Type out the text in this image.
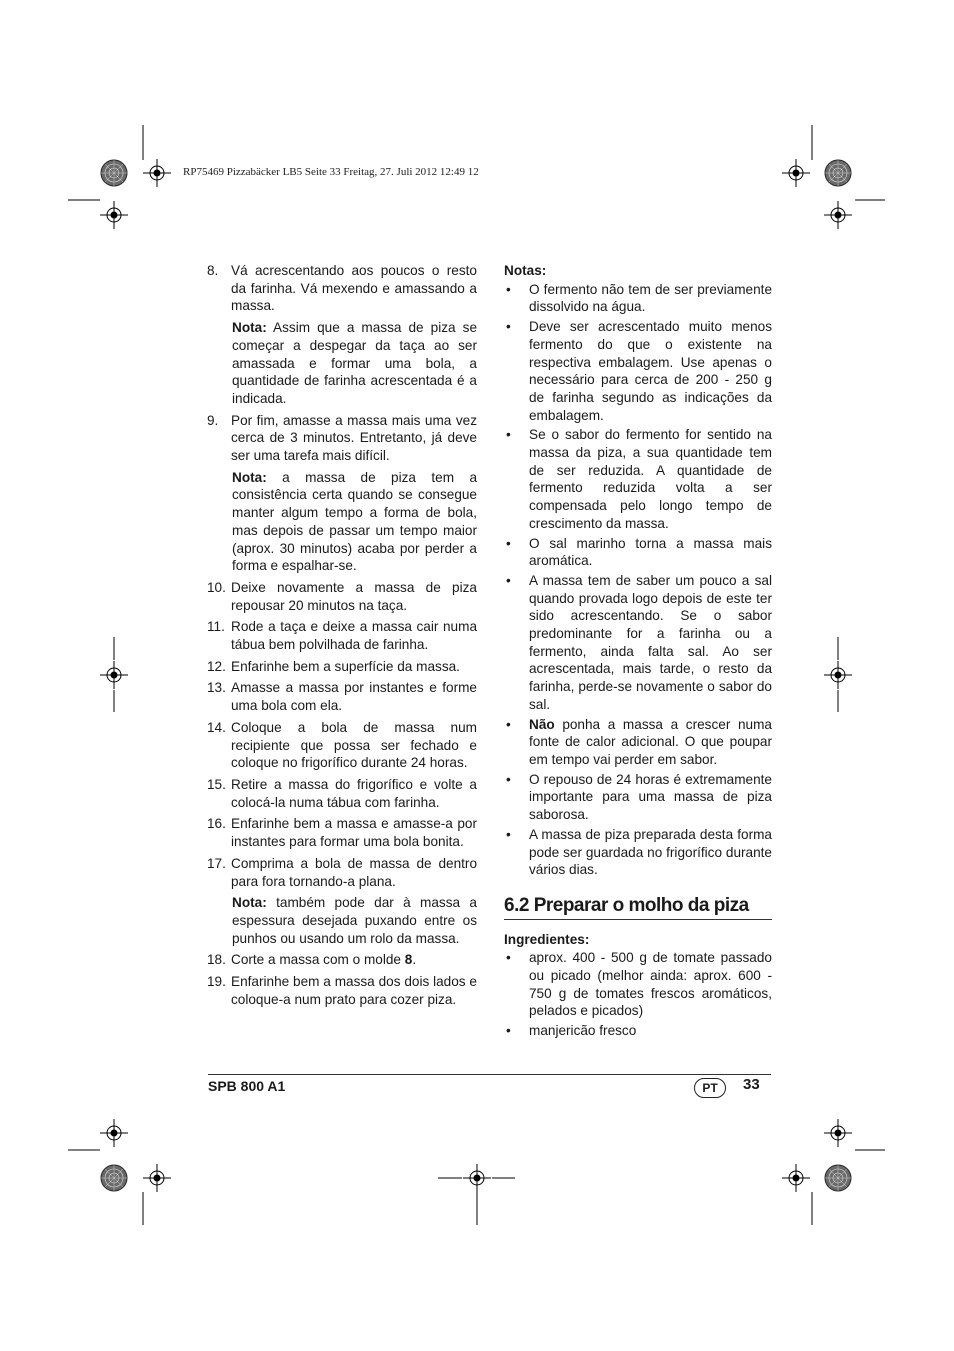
RP75469 Pizzabäcker LB5 Seite 33 Freitag, 27. Juli 2012 12:49 12
8. Vá acrescentando aos poucos o resto da farinha. Vá mexendo e amassando a massa.
Nota: Assim que a massa de piza se começar a despegar da taça ao ser amassada e formar uma bola, a quantidade de farinha acrescentada é a indicada.
9. Por fim, amasse a massa mais uma vez cerca de 3 minutos. Entretanto, já deve ser uma tarefa mais difícil.
Nota: a massa de piza tem a consistência certa quando se consegue manter algum tempo a forma de bola, mas depois de passar um tempo maior (aprox. 30 minutos) acaba por perder a forma e espalhar-se.
10. Deixe novamente a massa de piza repousar 20 minutos na taça.
11. Rode a taça e deixe a massa cair numa tábua bem polvilhada de farinha.
12. Enfarinhe bem a superfície da massa.
13. Amasse a massa por instantes e forme uma bola com ela.
14. Coloque a bola de massa num recipiente que possa ser fechado e coloque no frigorífico durante 24 horas.
15. Retire a massa do frigorífico e volte a colocá-la numa tábua com farinha.
16. Enfarinhe bem a massa e amasse-a por instantes para formar uma bola bonita.
17. Comprima a bola de massa de dentro para fora tornando-a plana.
Nota: também pode dar à massa a espessura desejada puxando entre os punhos ou usando um rolo da massa.
18. Corte a massa com o molde 8.
19. Enfarinhe bem a massa dos dois lados e coloque-a num prato para cozer piza.
Notas:
•	O fermento não tem de ser previamente dissolvido na água.
•	Deve ser acrescentado muito menos fermento do que o existente na respectiva embalagem. Use apenas o necessário para cerca de 200 - 250 g de farinha segundo as indicações da embalagem.
•	Se o sabor do fermento for sentido na massa da piza, a sua quantidade tem de ser reduzida. A quantidade de fermento reduzida volta a ser compensada pelo longo tempo de crescimento da massa.
•	O sal marinho torna a massa mais aromática.
•	A massa tem de saber um pouco a sal quando provada logo depois de este ter sido acrescentando. Se o sabor predominante for a farinha ou a fermento, ainda falta sal. Ao ser acrescentada, mais tarde, o resto da farinha, perde-se novamente o sabor do sal.
•	Não ponha a massa a crescer numa fonte de calor adicional. O que poupar em tempo vai perder em sabor.
•	O repouso de 24 horas é extremamente importante para uma massa de piza saborosa.
•	A massa de piza preparada desta forma pode ser guardada no frigorífico durante vários dias.
6.2 Preparar o molho da piza
Ingredientes:
•	aprox. 400 - 500 g de tomate passado ou picado (melhor ainda: aprox. 600 - 750 g de tomates frescos aromáticos, pelados e picados)
•	manjericão fresco
SPB 800 A1	PT	33
